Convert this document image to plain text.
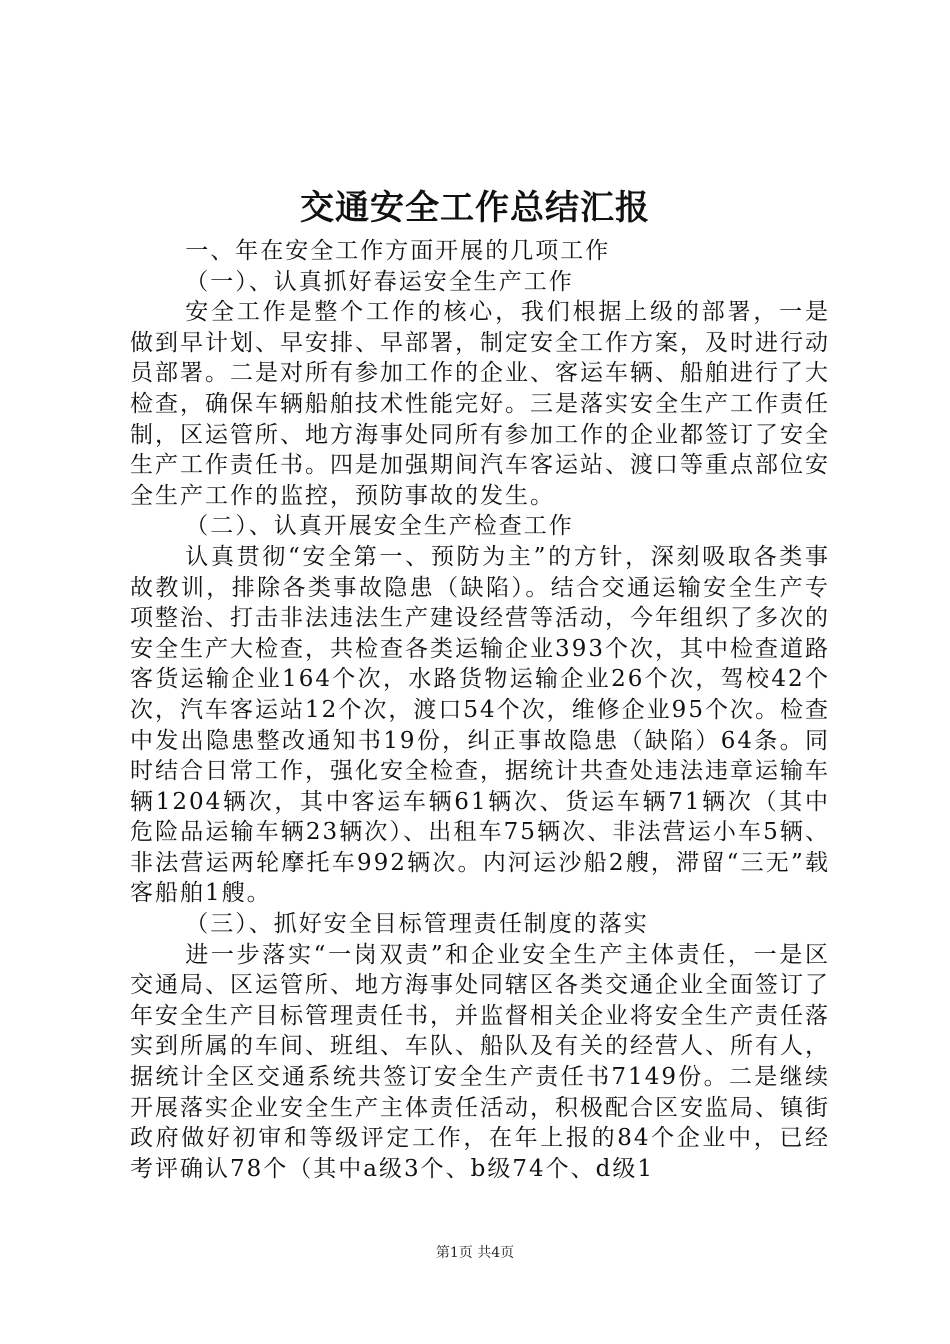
交通安全工作总结汇报

一、年在安全工作方面开展的几项工作

（一）、认真抓好春运安全生产工作

安全工作是整个工作的核心，我们根据上级的部署，一是做到早计划、早安排、早部署，制定安全工作方案，及时进行动员部署。二是对所有参加工作的企业、客运车辆、船舶进行了大检查，确保车辆船舶技术性能完好。三是落实安全生产工作责任制，区运管所、地方海事处同所有参加工作的企业都签订了安全生产工作责任书。四是加强期间汽车客运站、渡口等重点部位安全生产工作的监控，预防事故的发生。

（二）、认真开展安全生产检查工作

认真贯彻“安全第一、预防为主”的方针，深刻吸取各类事故教训，排除各类事故隐患（缺陷）。结合交通运输安全生产专项整治、打击非法违法生产建设经营等活动，今年组织了多次的安全生产大检查，共检查各类运输企业393个次，其中检查道路客货运输企业164个次，水路货物运输企业26个次，驾校42个次，汽车客运站12个次，渡口54个次，维修企业95个次。检查中发出隐患整改通知书19份，纠正事故隐患（缺陷）64条。同时结合日常工作，强化安全检查，据统计共查处违法违章运输车辆1204辆次，其中客运车辆61辆次、货运车辆71辆次（其中危险品运输车辆23辆次）、出租车75辆次、非法营运小车5辆、非法营运两轮摩托车992辆次。内河运沙船2艘，滞留“三无”载客船舶1艘。

（三）、抓好安全目标管理责任制度的落实

进一步落实“一岗双责”和企业安全生产主体责任，一是区交通局、区运管所、地方海事处同辖区各类交通企业全面签订了年安全生产目标管理责任书，并监督相关企业将安全生产责任落实到所属的车间、班组、车队、船队及有关的经营人、所有人，据统计全区交通系统共签订安全生产责任书7149份。二是继续开展落实企业安全生产主体责任活动，积极配合区安监局、镇街政府做好初审和等级评定工作，在年上报的84个企业中，已经考评确认78个（其中a级3个、b级74个、d级1

第1页 共4页
